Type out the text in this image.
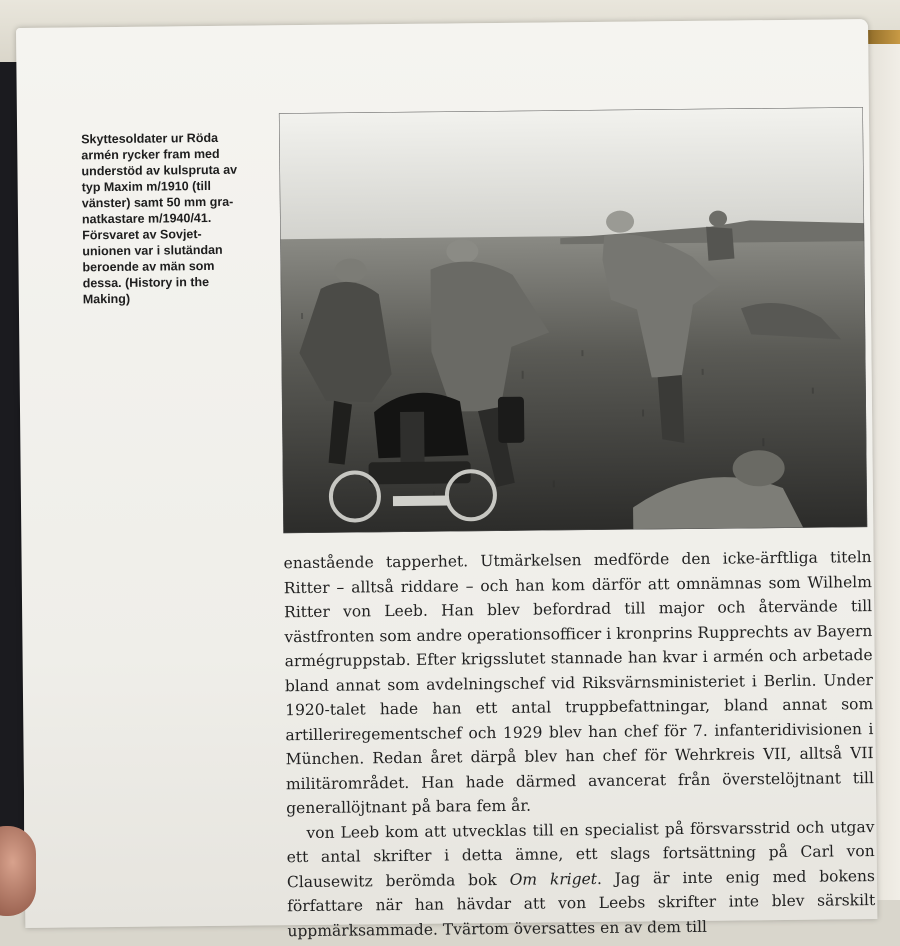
Skyttesoldater ur Röda
armén rycker fram med
understöd av kulspruta av
typ Maxim m/1910 (till
vänster) samt 50 mm gra-
natkastare m/1940/41.
Försvaret av Sovjet-
unionen var i slutändan
beroende av män som
dessa. (History in the
Making)

enastående tapperhet. Utmärkelsen medförde den icke-ärftliga titeln Ritter – alltså riddare – och han kom därför att omnämnas som Wilhelm Ritter von Leeb. Han blev befordrad till major och återvände till västfronten som andre operationsofficer i kronprins Rupprechts av Bayern armégruppstab. Efter krigsslutet stannade han kvar i armén och arbetade bland annat som avdelningschef vid Riksvärnsministeriet i Berlin. Under 1920-talet hade han ett antal truppbefattningar, bland annat som artilleriregementschef och 1929 blev han chef för 7. infanteridivisionen i München. Redan året därpå blev han chef för Wehrkreis VII, alltså VII militärområdet. Han hade därmed avancerat från överstelöjtnant till generallöjtnant på bara fem år.

von Leeb kom att utvecklas till en specialist på försvarsstrid och utgav ett antal skrifter i detta ämne, ett slags fortsättning på Carl von Clausewitz berömda bok Om kriget. Jag är inte enig med bokens författare när han hävdar att von Leebs skrifter inte blev särskilt uppmärksammade. Tvärtom översattes en av dem till
